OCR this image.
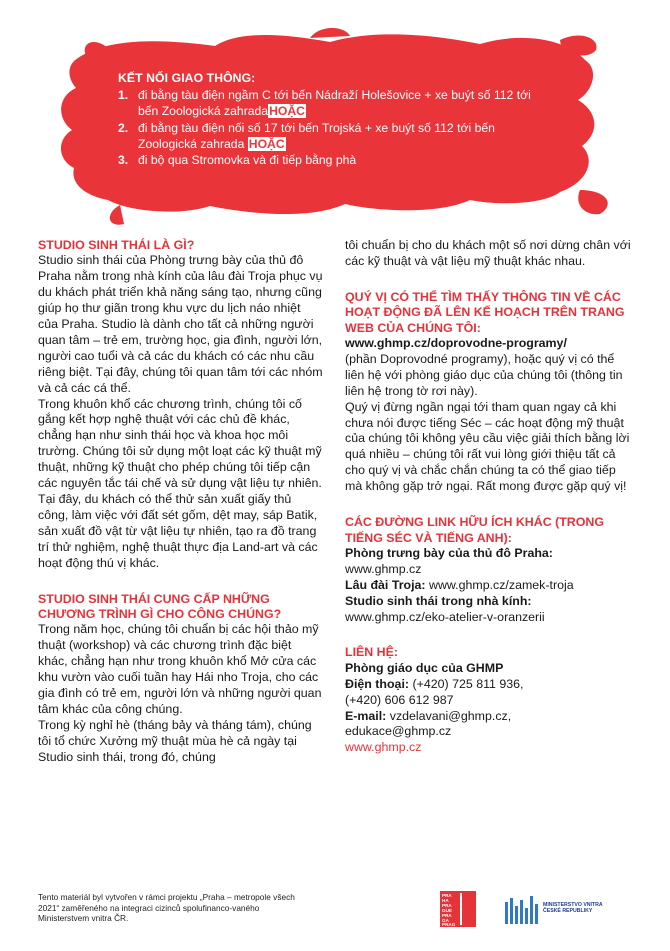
KẾT NỐI GIAO THÔNG:
1. đi bằng tàu điện ngầm C tới bến Nádraží Holešovice + xe buýt số 112 tới bến Zoologická zahradaHOẶC
2. đi bằng tàu điện nối số 17 tới bến Trojská + xe buýt số 112 tới bến Zoologická zahrada HOẶC
3. đi bộ qua Stromovka và đi tiếp bằng phà

STUDIO SINH THÁI LÀ GÌ?

Studio sinh thái của Phòng trưng bày của thủ đô Praha nằm trong nhà kính của lâu đài Troja phục vụ du khách phát triển khả năng sáng tạo, nhưng cũng giúp họ thư giãn trong khu vực du lịch náo nhiệt của Praha. Studio là dành cho tất cả những người quan tâm – trẻ em, trường học, gia đình, người lớn, người cao tuổi và cả các du khách có các nhu cầu riêng biệt. Tại đây, chúng tôi quan tâm tới các nhóm và cả các cá thể.

Trong khuôn khổ các chương trình, chúng tôi cố gắng kết hợp nghệ thuật với các chủ đề khác, chẳng hạn như sinh thái học và khoa học môi trường. Chúng tôi sử dụng một loạt các kỹ thuật mỹ thuật, những kỹ thuật cho phép chúng tôi tiếp cận các nguyên tắc tái chế và sử dụng vật liệu tự nhiên. Tại đây, du khách có thể thử sản xuất giấy thủ công, làm việc với đất sét gốm, dệt may, sáp Batik, sản xuất đồ vật từ vật liệu tự nhiên, tạo ra đồ trang trí thử nghiệm, nghệ thuật thực địa Land-art và các hoạt động thú vị khác.

STUDIO SINH THÁI CUNG CẤP NHỮNG CHƯƠNG TRÌNH GÌ CHO CÔNG CHÚNG?

Trong năm học, chúng tôi chuẩn bị các hội thảo mỹ thuật (workshop) và các chương trình đặc biệt khác, chẳng hạn như trong khuôn khổ Mở cửa các khu vườn vào cuối tuần hay Hái nho Troja, cho các gia đình có trẻ em, người lớn và những người quan tâm khác của công chúng.

Trong kỳ nghỉ hè (tháng bảy và tháng tám), chúng tôi tổ chức Xưởng mỹ thuật mùa hè cả ngày tại Studio sinh thái, trong đó, chúng

tôi chuẩn bị cho du khách một số nơi dừng chân với các kỹ thuật và vật liệu mỹ thuật khác nhau.

QUÝ VỊ CÓ THỂ TÌM THẤY THÔNG TIN VỀ CÁC HOẠT ĐỘNG ĐÃ LÊN KẾ HOẠCH TRÊN TRANG WEB CỦA CHÚNG TÔI:

www.ghmp.cz/doprovodne-programy/

(phần Doprovodné programy), hoặc quý vị có thể liên hệ với phòng giáo dục của chúng tôi (thông tin liên hệ trong tờ rơi này).

Quý vị đừng ngần ngại tới tham quan ngay cả khi chưa nói được tiếng Séc – các hoạt động mỹ thuật của chúng tôi không yêu cầu việc giải thích bằng lời quá nhiều – chúng tôi rất vui lòng giới thiệu tất cả cho quý vị và chắc chắn chúng ta có thể giao tiếp mà không gặp trở ngại. Rất mong được gặp quý vị!

CÁC ĐƯỜNG LINK HỮU ÍCH KHÁC (TRONG TIẾNG SÉC VÀ TIẾNG ANH):

Phòng trưng bày của thủ đô Praha:

www.ghmp.cz

Lâu đài Troja: www.ghmp.cz/zamek-troja

Studio sinh thái trong nhà kính:

www.ghmp.cz/eko-atelier-v-oranzerii

LIÊN HỆ:

Phòng giáo dục của GHMP

Điện thoại: (+420) 725 811 936,

(+420) 606 612 987

E-mail: vzdelavani@ghmp.cz,

edukace@ghmp.cz

www.ghmp.cz

Tento materiál byl vytvořen v rámci projektu „Praha – metropole všech 2021“ zaměřeného na integraci cizinců spolufinanco-vaného Ministerstvem vnitra ČR.
PRA
HA
PRA
GUE
PRA
GA
PRAG
MINISTERSTVO VNITRA ČESKÉ REPUBLIKY
